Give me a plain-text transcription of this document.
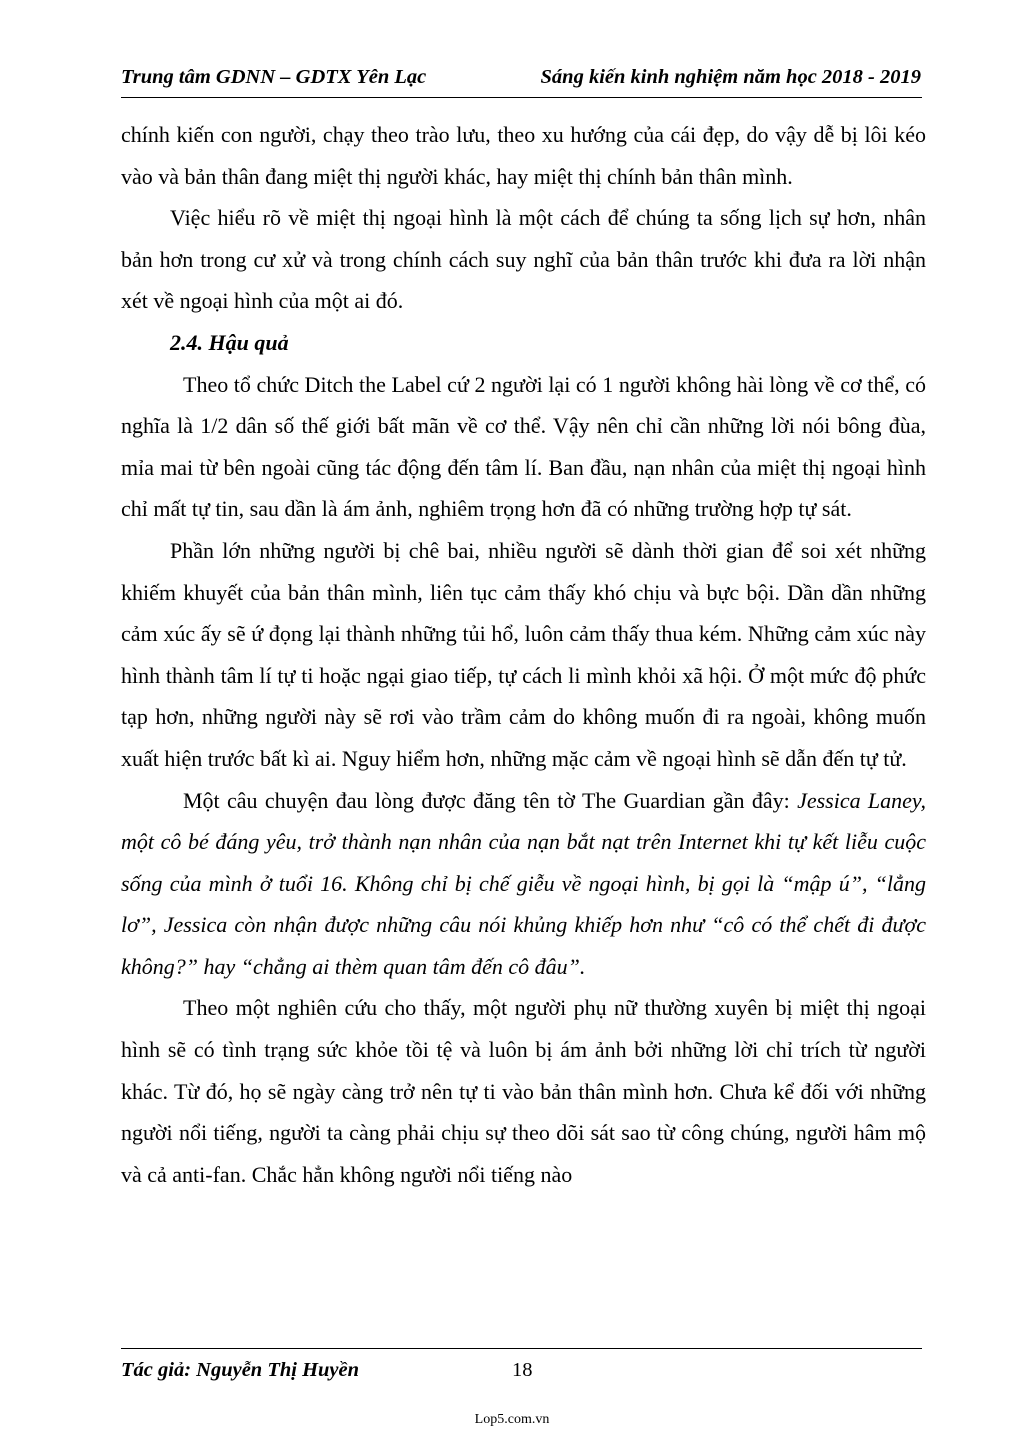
Trung tâm GDNN – GDTX Yên Lạc	Sáng kiến kinh nghiệm năm học 2018 - 2019

chính kiến con người, chạy theo trào lưu, theo xu hướng của cái đẹp, do vậy dễ bị lôi kéo vào và bản thân đang miệt thị người khác, hay miệt thị chính bản thân mình.

Việc hiểu rõ về miệt thị ngoại hình là một cách để chúng ta sống lịch sự hơn, nhân bản hơn trong cư xử và trong chính cách suy nghĩ của bản thân trước khi đưa ra lời nhận xét về ngoại hình của một ai đó.

2.4. Hậu quả

Theo tổ chức Ditch the Label cứ 2 người lại có 1 người không hài lòng về cơ thể, có nghĩa là 1/2 dân số thế giới bất mãn về cơ thể. Vậy nên chỉ cần những lời nói bông đùa, mỉa mai từ bên ngoài cũng tác động đến tâm lí. Ban đầu, nạn nhân của miệt thị ngoại hình chỉ mất tự tin, sau dần là ám ảnh, nghiêm trọng hơn đã có những trường hợp tự sát.

Phần lớn những người bị chê bai, nhiều người sẽ dành thời gian để soi xét những khiếm khuyết của bản thân mình, liên tục cảm thấy khó chịu và bực bội. Dần dần những cảm xúc ấy sẽ ứ đọng lại thành những tủi hổ, luôn cảm thấy thua kém. Những cảm xúc này hình thành tâm lí tự ti hoặc ngại giao tiếp, tự cách li mình khỏi xã hội. Ở một mức độ phức tạp hơn, những người này sẽ rơi vào trầm cảm do không muốn đi ra ngoài, không muốn xuất hiện trước bất kì ai. Nguy hiểm hơn, những mặc cảm về ngoại hình sẽ dẫn đến tự tử.

Một câu chuyện đau lòng được đăng tên tờ The Guardian gần đây: Jessica Laney, một cô bé đáng yêu, trở thành nạn nhân của nạn bắt nạt trên Internet khi tự kết liễu cuộc sống của mình ở tuổi 16. Không chỉ bị chế giễu về ngoại hình, bị gọi là “mập ú”, “lẳng lơ”, Jessica còn nhận được những câu nói khủng khiếp hơn như “cô có thể chết đi được không?” hay “chẳng ai thèm quan tâm đến cô đâu”.

Theo một nghiên cứu cho thấy, một người phụ nữ thường xuyên bị miệt thị ngoại hình sẽ có tình trạng sức khỏe tồi tệ và luôn bị ám ảnh bởi những lời chỉ trích từ người khác. Từ đó, họ sẽ ngày càng trở nên tự ti vào bản thân mình hơn. Chưa kể đối với những người nổi tiếng, người ta càng phải chịu sự theo dõi sát sao từ công chúng, người hâm mộ và cả anti-fan. Chắc hẳn không người nổi tiếng nào

Tác giả: Nguyễn Thị Huyền	18
Lop5.com.vn
